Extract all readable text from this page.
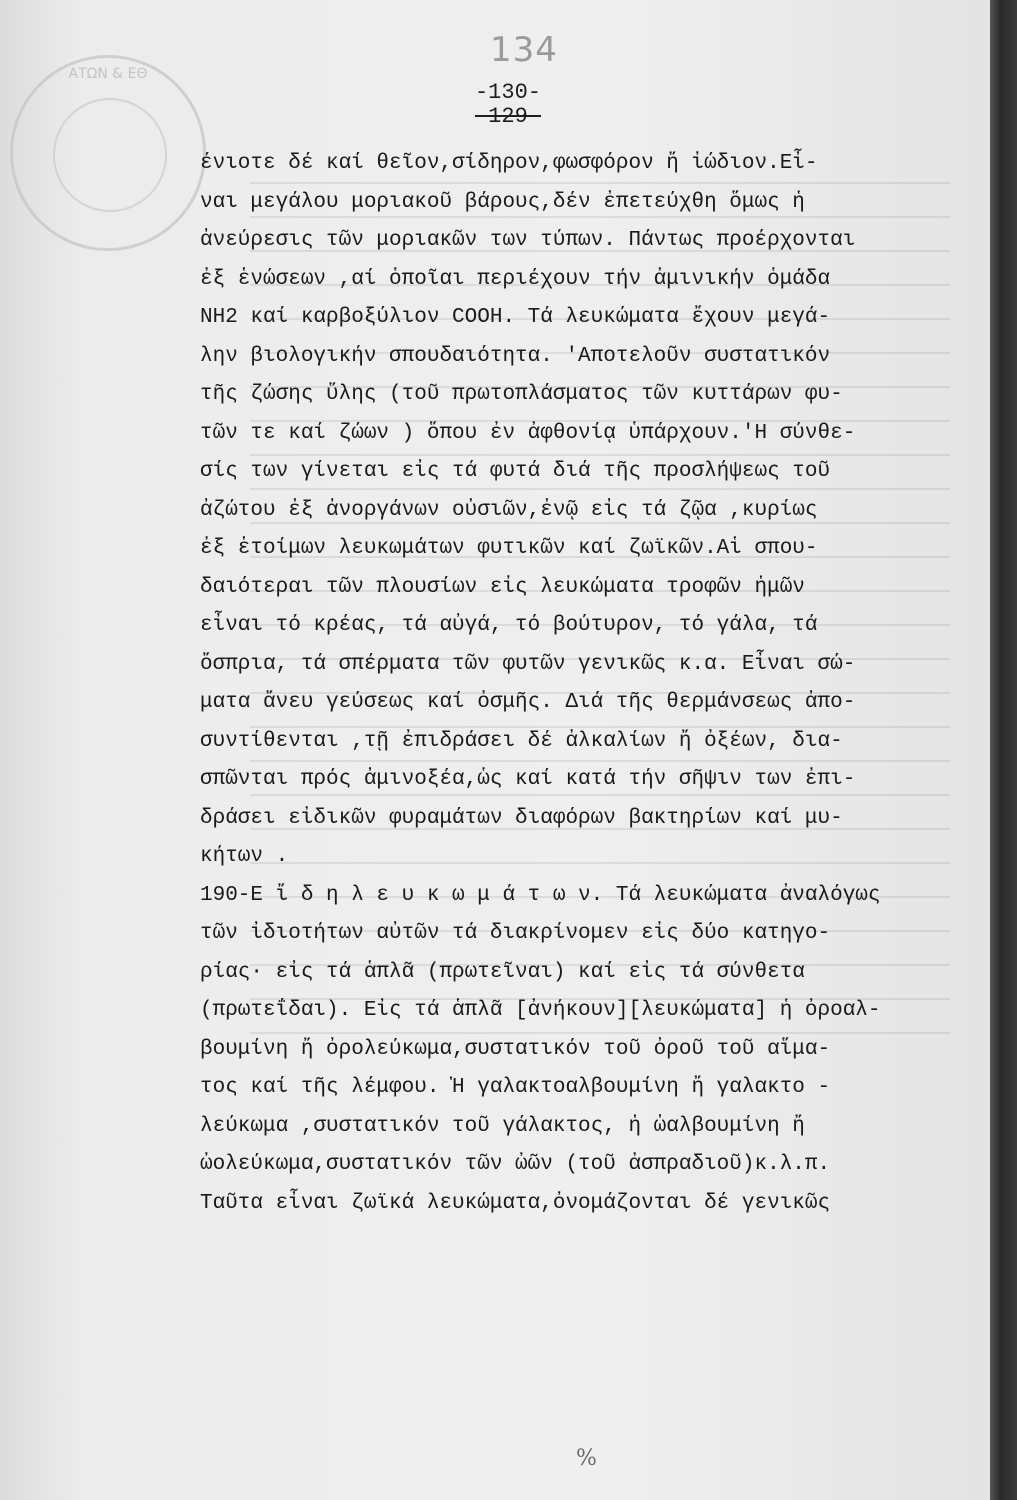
ΑΤΩΝ & ΕΘ
134
-130-
-129-
ένιοτε δέ καί θεῖον,σίδηρον,φωσφόρον ἤ ἰώδιον.Εἶ-
ναι μεγάλου μοριακοῦ βάρους,δέν ἐπετεύχθη ὅμως ἡ
ἀνεύρεσις τῶν μοριακῶν των τύπων. Πάντως προέρχονται
ἐξ ἑνώσεων ,αί ὁποῖαι περιέχουν τήν ἀμινικήν ὁμάδα
NH2 καί καρβοξύλιον COOH. Τά λευκώματα ἔχουν μεγά-
λην βιολογικήν σπουδαιότητα. 'Αποτελοῦν συστατικόν
τῆς ζώσης ὕλης (τοῦ πρωτοπλάσματος τῶν κυττάρων φυ-
τῶν τε καί ζώων ) ὅπου ἐν ἀφθονίᾳ ὑπάρχουν.'Η σύνθε-
σίς των γίνεται εἰς τά φυτά διά τῆς προσλήψεως τοῦ
ἀζώτου ἐξ ἀνοργάνων οὐσιῶν,ἐνῷ εἰς τά ζῷα ,κυρίως
ἐξ ἑτοίμων λευκωμάτων φυτικῶν καί ζωϊκῶν.Αἱ σπου-
δαιότεραι τῶν πλουσίων εἰς λευκώματα τροφῶν ἡμῶν
εἶναι τό κρέας, τά αὐγά, τό βούτυρον, τό γάλα, τά
ὄσπρια, τά σπέρματα τῶν φυτῶν γενικῶς κ.α. Εἶναι σώ-
ματα ἄνευ γεύσεως καί ὀσμῆς. Διά τῆς θερμάνσεως ἀπο-
συντίθενται ,τῇ ἐπιδράσει δέ ἀλκαλίων ἤ ὀξέων, δια-
σπῶνται πρός ἀμινοξέα,ὡς καί κατά τήν σῆψιν των ἐπι-
δράσει εἰδικῶν φυραμάτων διαφόρων βακτηρίων καί μυ-
κήτων .
190-Ε ἴ δ η λ ε υ κ ω μ ά τ ω ν. Τά λευκώματα ἀναλόγως
τῶν ἰδιοτήτων αὐτῶν τά διακρίνομεν εἰς δύο κατηγο-
ρίας· εἰς τά ἁπλᾶ (πρωτεῖναι) καί εἰς τά σύνθετα
(πρωτεΐδαι). Εἰς τά ἁπλᾶ [ἀνήκουν][λευκώματα] ἡ ὀροαλ-
βουμίνη ἤ ὀρολεύκωμα,συστατικόν τοῦ ὀροῦ τοῦ αἵμα-
τος καί τῆς λέμφου. Ἡ γαλακτοαλβουμίνη ἤ γαλακτο -
λεύκωμα ,συστατικόν τοῦ γάλακτος, ἡ ὠαλβουμίνη ἤ
ὠολεύκωμα,συστατικόν τῶν ὠῶν (τοῦ ἀσπραδιοῦ)κ.λ.π.
Ταῦτα εἶναι ζωϊκά λευκώματα,ὀνομάζονται δέ γενικῶς
%
